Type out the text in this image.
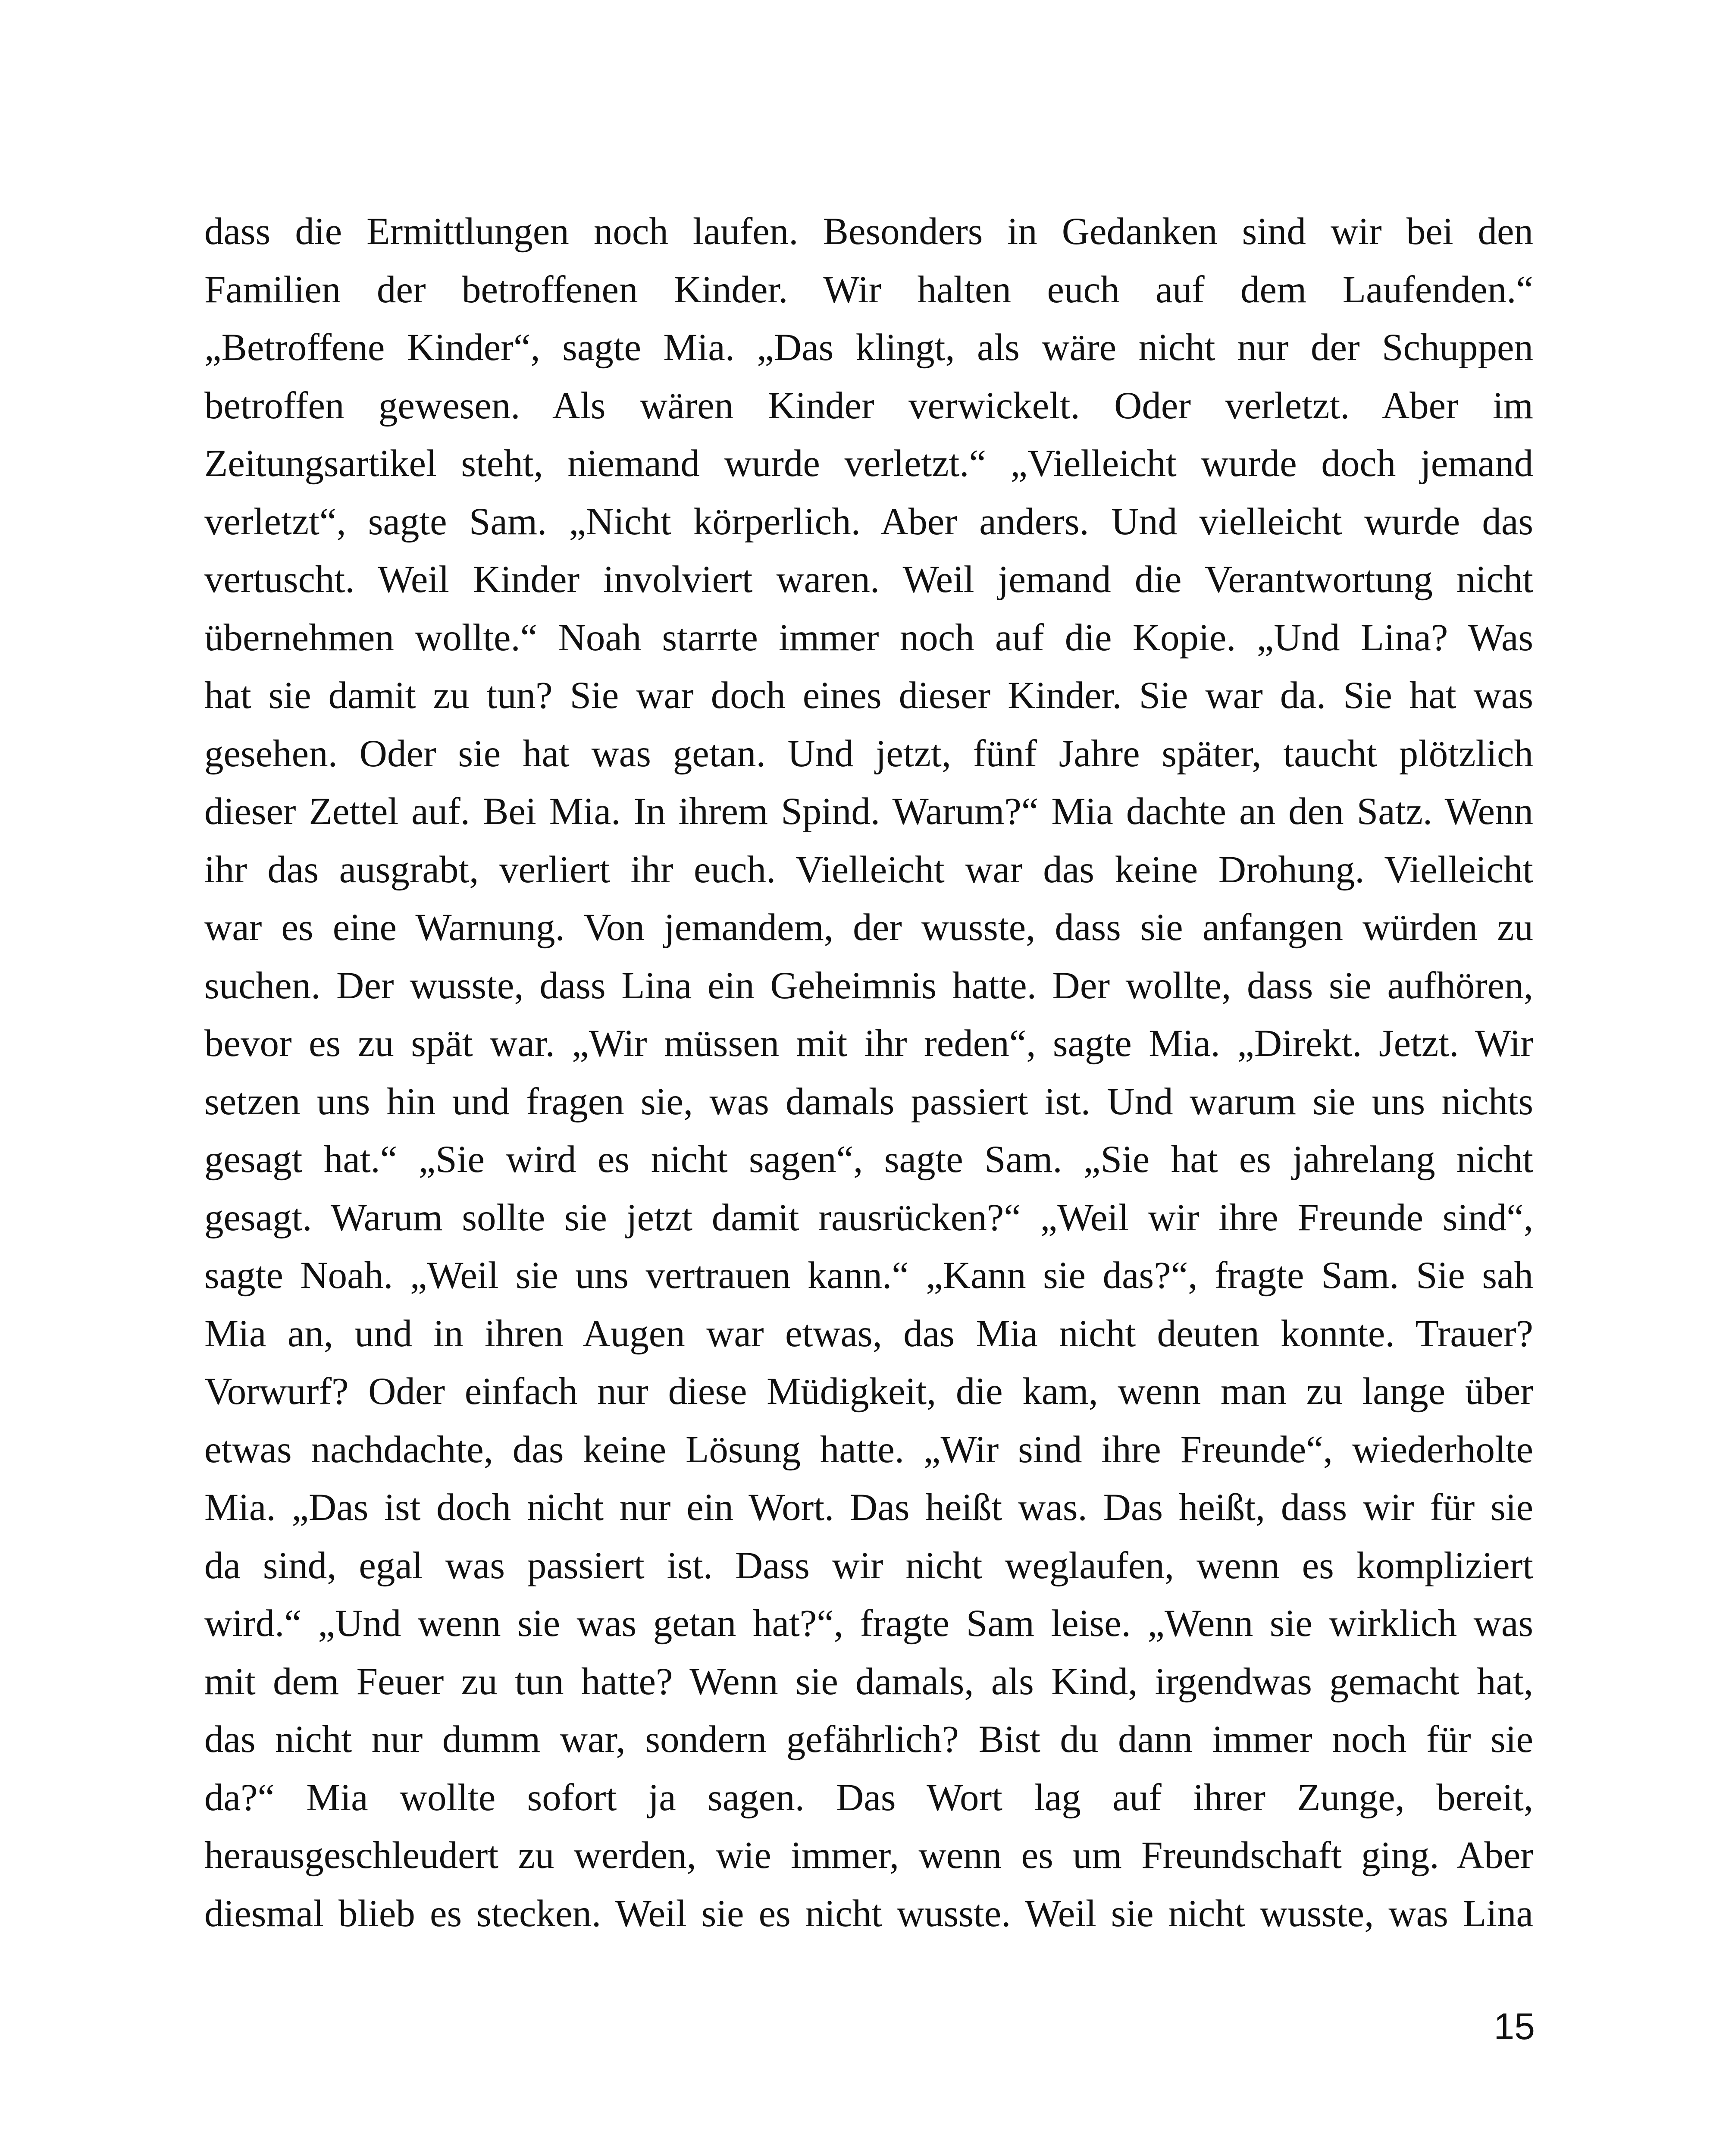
dass die Ermittlungen noch laufen. Besonders in Gedanken sind wir bei den
Familien der betroffenen Kinder. Wir halten euch auf dem Laufenden.“
„Betroffene Kinder“, sagte Mia. „Das klingt, als wäre nicht nur der Schuppen
betroffen gewesen. Als wären Kinder verwickelt. Oder verletzt. Aber im
Zeitungsartikel steht, niemand wurde verletzt.“ „Vielleicht wurde doch jemand
verletzt“, sagte Sam. „Nicht körperlich. Aber anders. Und vielleicht wurde das
vertuscht. Weil Kinder involviert waren. Weil jemand die Verantwortung nicht
übernehmen wollte.“ Noah starrte immer noch auf die Kopie. „Und Lina? Was
hat sie damit zu tun? Sie war doch eines dieser Kinder. Sie war da. Sie hat was
gesehen. Oder sie hat was getan. Und jetzt, fünf Jahre später, taucht plötzlich
dieser Zettel auf. Bei Mia. In ihrem Spind. Warum?“ Mia dachte an den Satz. Wenn
ihr das ausgrabt, verliert ihr euch. Vielleicht war das keine Drohung. Vielleicht
war es eine Warnung. Von jemandem, der wusste, dass sie anfangen würden zu
suchen. Der wusste, dass Lina ein Geheimnis hatte. Der wollte, dass sie aufhören,
bevor es zu spät war. „Wir müssen mit ihr reden“, sagte Mia. „Direkt. Jetzt. Wir
setzen uns hin und fragen sie, was damals passiert ist. Und warum sie uns nichts
gesagt hat.“ „Sie wird es nicht sagen“, sagte Sam. „Sie hat es jahrelang nicht
gesagt. Warum sollte sie jetzt damit rausrücken?“ „Weil wir ihre Freunde sind“,
sagte Noah. „Weil sie uns vertrauen kann.“ „Kann sie das?“, fragte Sam. Sie sah
Mia an, und in ihren Augen war etwas, das Mia nicht deuten konnte. Trauer?
Vorwurf? Oder einfach nur diese Müdigkeit, die kam, wenn man zu lange über
etwas nachdachte, das keine Lösung hatte. „Wir sind ihre Freunde“, wiederholte
Mia. „Das ist doch nicht nur ein Wort. Das heißt was. Das heißt, dass wir für sie
da sind, egal was passiert ist. Dass wir nicht weglaufen, wenn es kompliziert
wird.“ „Und wenn sie was getan hat?“, fragte Sam leise. „Wenn sie wirklich was
mit dem Feuer zu tun hatte? Wenn sie damals, als Kind, irgendwas gemacht hat,
das nicht nur dumm war, sondern gefährlich? Bist du dann immer noch für sie
da?“ Mia wollte sofort ja sagen. Das Wort lag auf ihrer Zunge, bereit,
herausgeschleudert zu werden, wie immer, wenn es um Freundschaft ging. Aber
diesmal blieb es stecken. Weil sie es nicht wusste. Weil sie nicht wusste, was Lina
15
